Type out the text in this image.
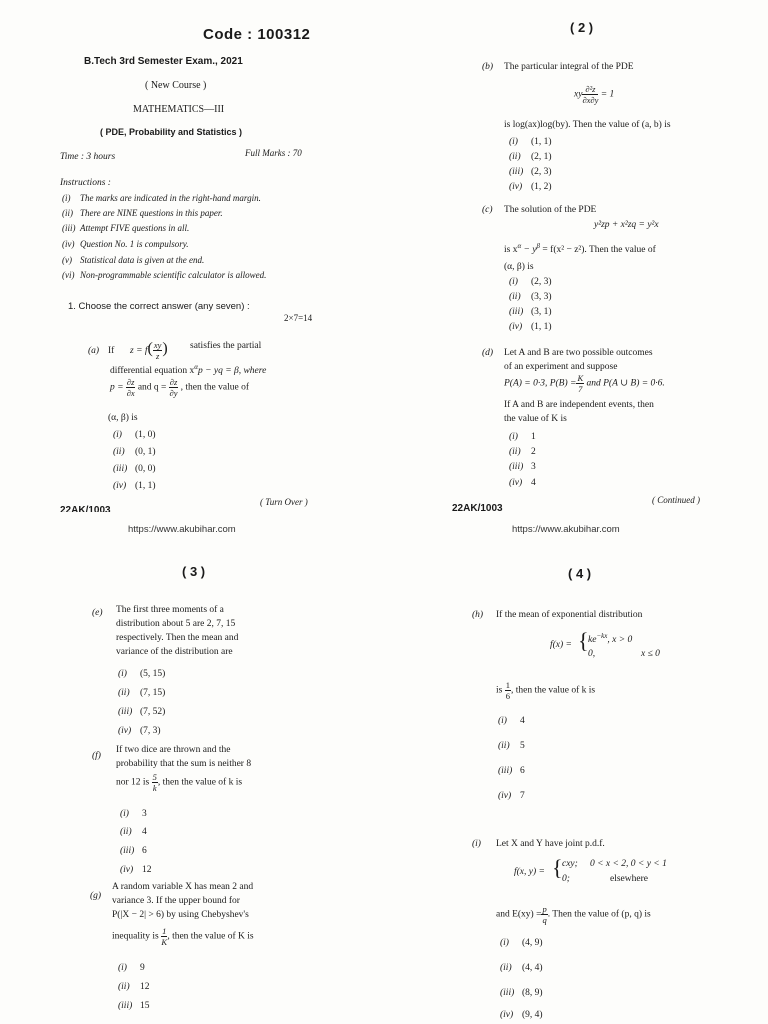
Code : 100312
B.Tech 3rd Semester Exam., 2021
( New Course )
MATHEMATICS—III
( PDE, Probability and Statistics )
Time : 3 hours	Full Marks : 70
Instructions :
(i) The marks are indicated in the right-hand margin.
(ii) There are NINE questions in this paper.
(iii) Attempt FIVE questions in all.
(iv) Question No. 1 is compulsory.
(v) Statistical data is given at the end.
(vi) Non-programmable scientific calculator is allowed.
1. Choose the correct answer (any seven) :
2×7=14
(a) If $z = f( \frac{xy}{z}$ ) satisfies the partial
differential equation $x^\alpha p$ − yq = β, where
$p = \frac{\partial z}{\partial x}$ and $q = \frac{\partial z}{\partial y}$ , then the value of
(α, β) is
(i) (1, 0)
(ii) (0, 1)
(iii) (0, 0)
(iv) (1, 1)
22AK/1003
( Turn Over )
https://www.akubihar.com
( 2 )
(b) The particular integral of the PDE
xy $\frac{\text{∂²z}}{\partial x\partial y} = 1$
is log(ax)log(by). Then the value of (a, b) is
(i) (1, 1)
(ii) (2, 1)
(iii) (2, 3)
(iv) (1, 2)
(c) The solution of the PDE
y²zp + x²zq = y²x
is $x^\alpha - y^\beta = f(x^2 - z^2)$. Then the value of
(α, β) is
(i) (2, 3)
(ii) (3, 3)
(iii) (3, 1)
(iv) (1, 1)
(d) Let A and B are two possible outcomes
of an experiment and suppose
P(A) = 0·3, $P(B) = \frac{K}{7}$ and P(A ∪ B) = 0·6.
If A and B are independent events, then
the value of K is
(i) 1
(ii) 2
(iii) 3
(iv) 4
22AK/1003
( Continued )
https://www.akubihar.com
( 3 )
(e) The first three moments of a
distribution about 5 are 2, 7, 15
respectively. Then the mean and
variance of the distribution are
(i) (5, 15)
(ii) (7, 15)
(iii) (7, 52)
(iv) (7, 3)
(f)
If two dice are thrown and the
probability that the sum is neither 8
nor 12 is $\frac{5}{k}$ , then the value of k is
(i) 3
(ii) 4
(iii) 6
(iv) 12
(g)
A random variable X has mean 2 and
variance 3. If the upper bound for
P(|X − 2| > 6) by using Chebyshev's
inequality is $\frac{1}{K}$ , then the value of K is
(i) 9
(ii) 12
(iii) 15
( 4 )
(h) If the mean of exponential distribution
f(x) = { $ke^{-kx}$, x > 0
0,	x ≤ 0
is $\frac{1}{6}$ , then the value of k is
(i) 4
(ii) 5
(iii) 6
(iv) 7
(i) Let X and Y have joint p.d.f.
f(x, y) = { cxy; 0 < x < 2, 0 < y < 1
0;	elsewhere
and $E(xy) = \frac{p}{q}$ . Then the value of (p, q) is
(i) (4, 9)
(ii) (4, 4)
(iii) (8, 9)
(iv) (9, 4)
